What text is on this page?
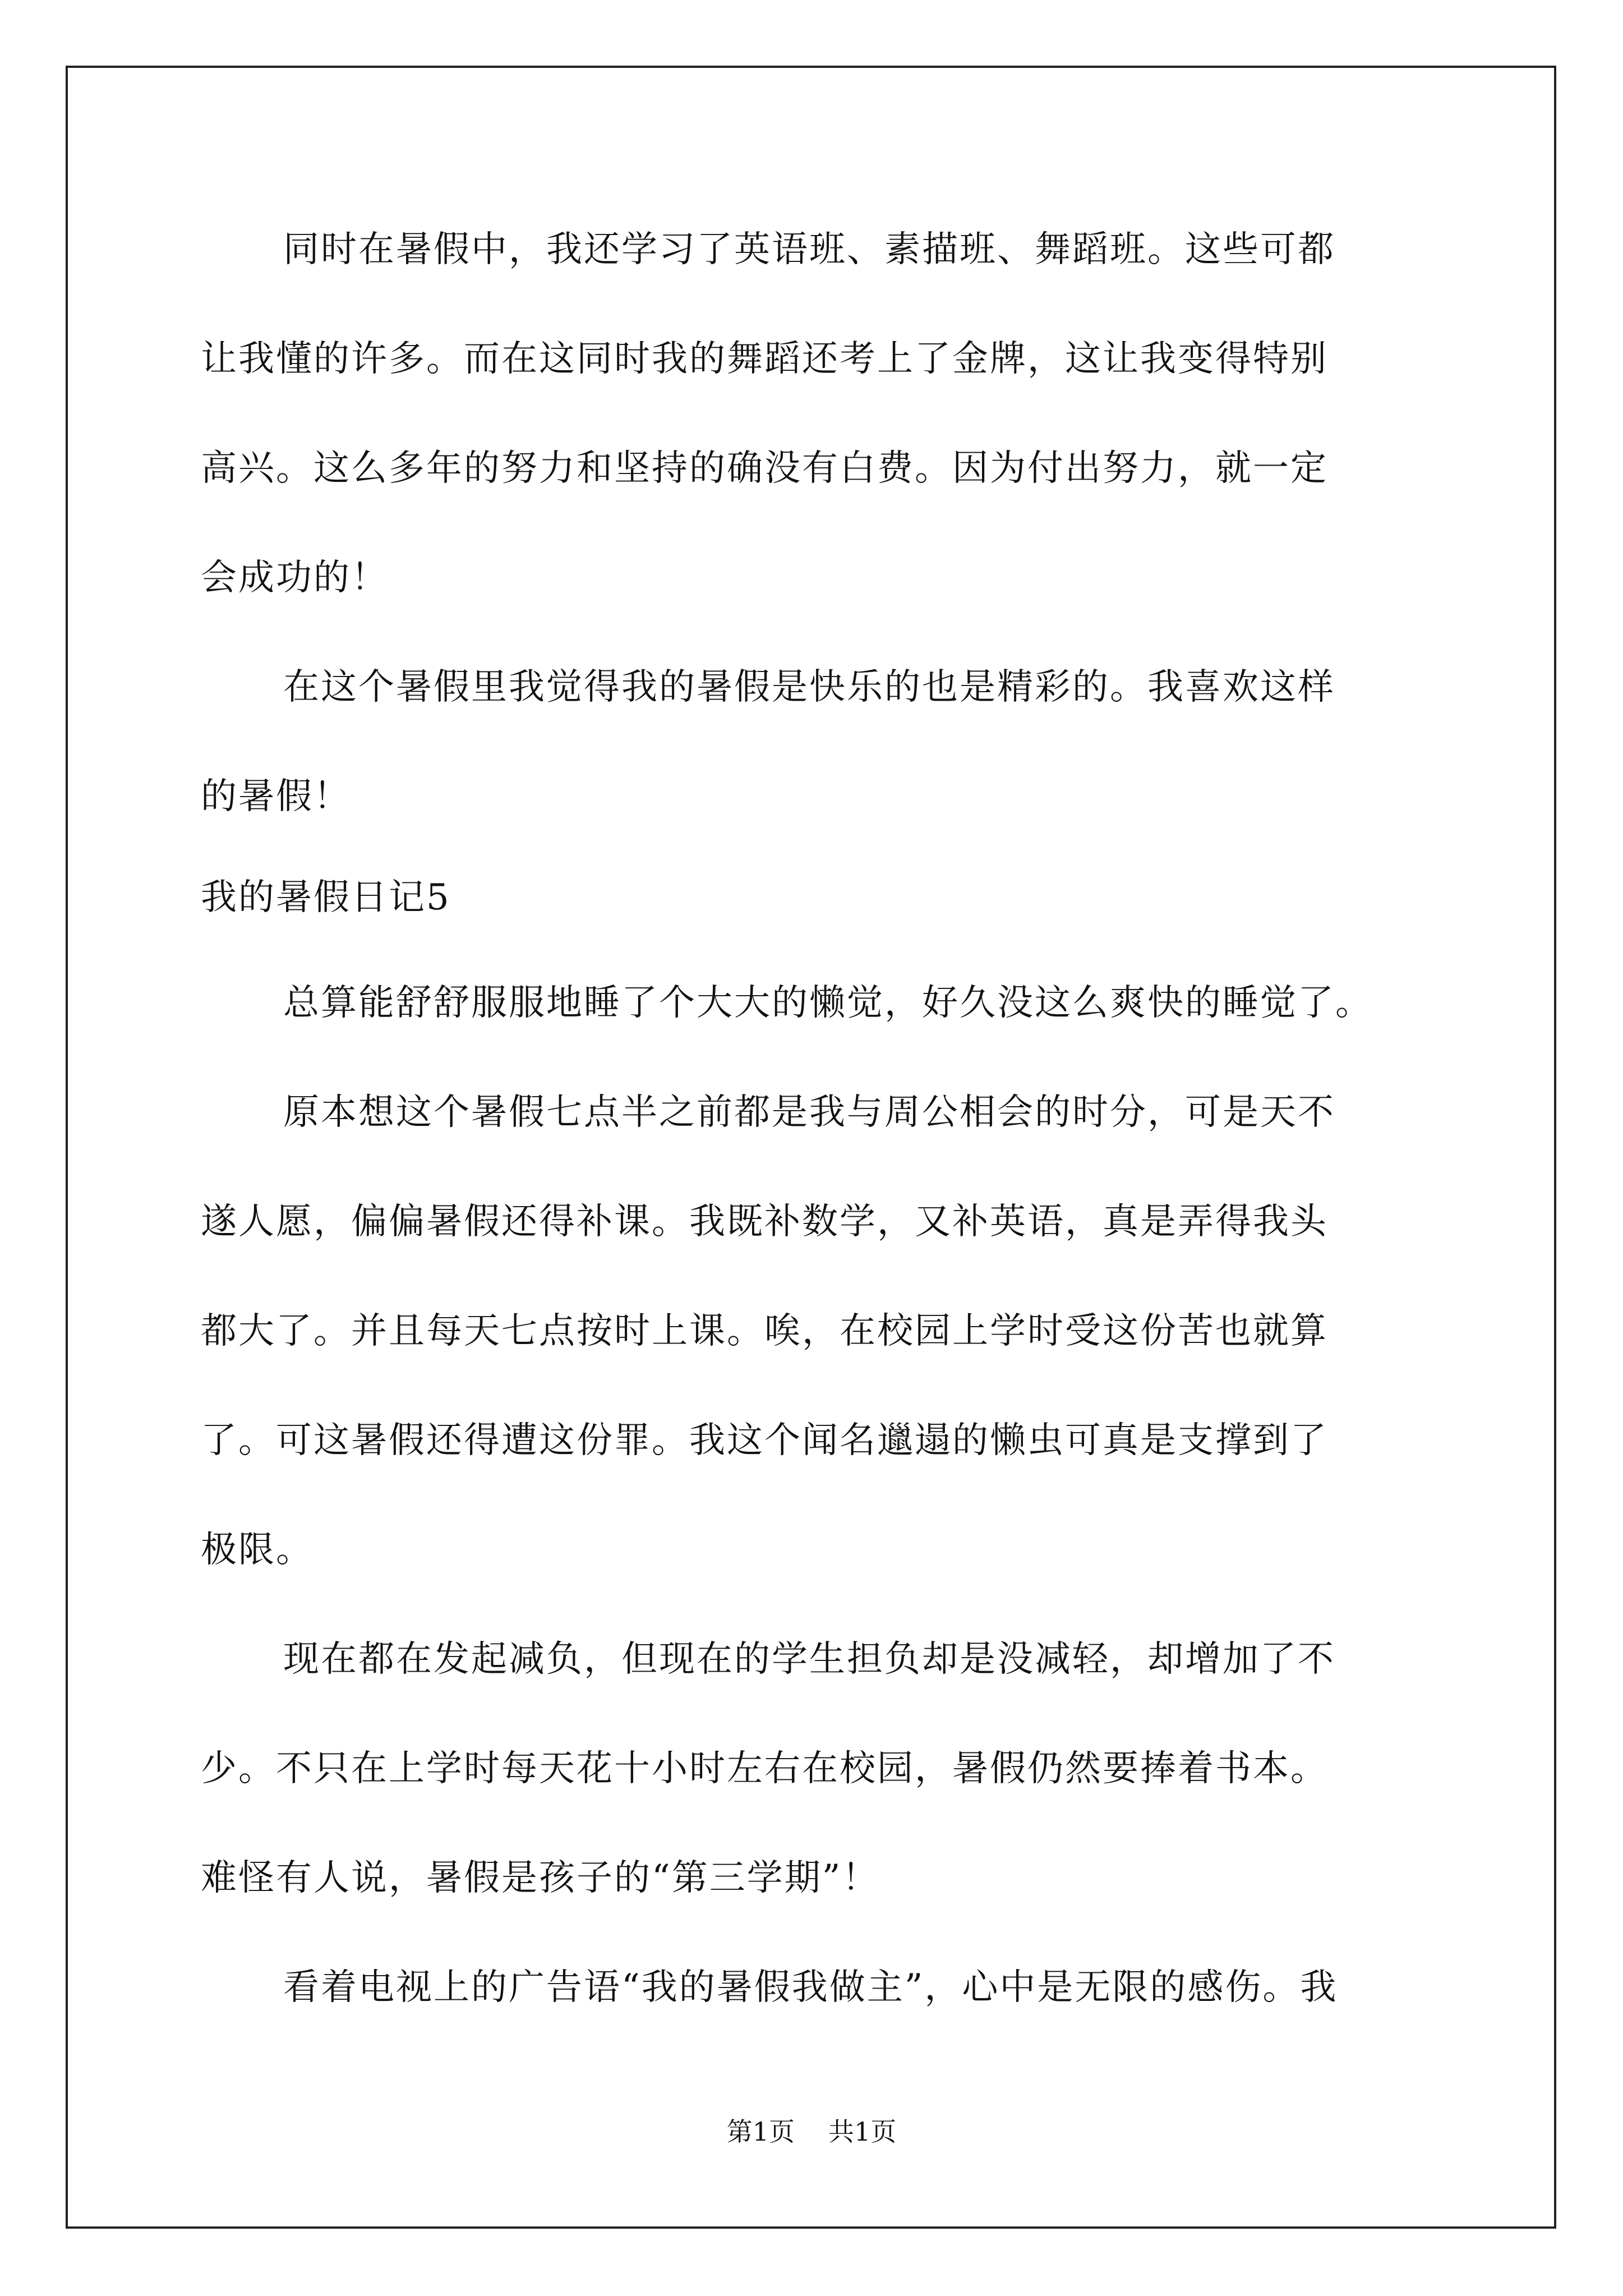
同时在暑假中，我还学习了英语班、素描班、舞蹈班。这些可都
让我懂的许多。而在这同时我的舞蹈还考上了金牌，这让我变得特别
高兴。这么多年的努力和坚持的确没有白费。因为付出努力，就一定
会成功的！
在这个暑假里我觉得我的暑假是快乐的也是精彩的。我喜欢这样
的暑假！
我的暑假日记5
总算能舒舒服服地睡了个大大的懒觉，好久没这么爽快的睡觉了。
原本想这个暑假七点半之前都是我与周公相会的时分，可是天不
遂人愿，偏偏暑假还得补课。我既补数学，又补英语，真是弄得我头
都大了。并且每天七点按时上课。唉，在校园上学时受这份苦也就算
了。可这暑假还得遭这份罪。我这个闻名邋遢的懒虫可真是支撑到了
极限。
现在都在发起减负，但现在的学生担负却是没减轻，却增加了不
少。不只在上学时每天花十小时左右在校园，暑假仍然要捧着书本。
难怪有人说，暑假是孩子的“第三学期”！
看着电视上的广告语“我的暑假我做主”，心中是无限的感伤。我
第1页 共1页
